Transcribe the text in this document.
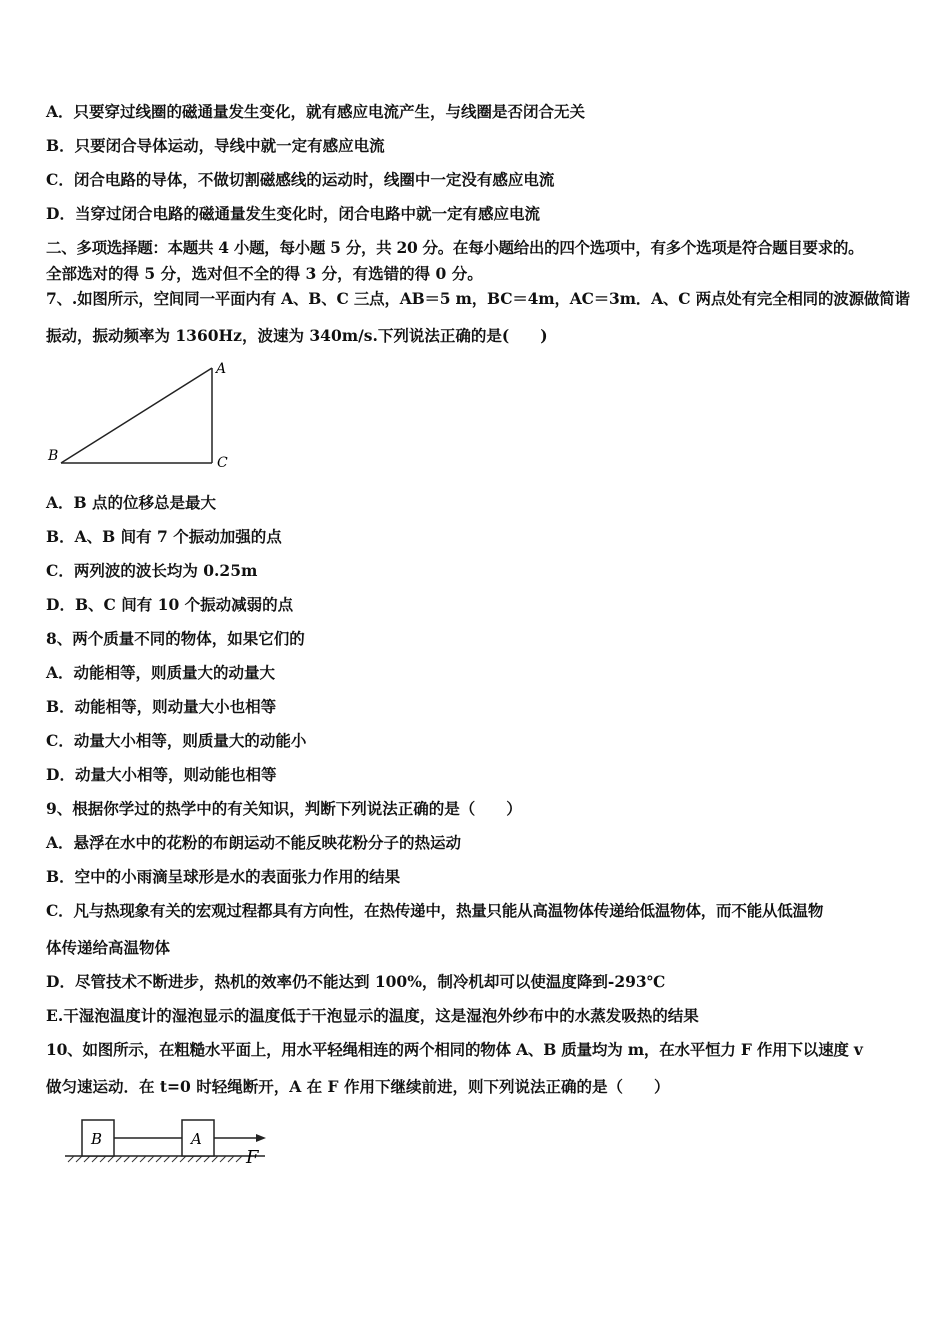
A．只要穿过线圈的磁通量发生变化，就有感应电流产生，与线圈是否闭合无关
B．只要闭合导体运动，导线中就一定有感应电流
C．闭合电路的导体，不做切割磁感线的运动时，线圈中一定没有感应电流
D．当穿过闭合电路的磁通量发生变化时，闭合电路中就一定有感应电流
二、多项选择题：本题共 4 小题，每小题 5 分，共 20 分。在每小题给出的四个选项中，有多个选项是符合题目要求的。
全部选对的得 5 分，选对但不全的得 3 分，有选错的得 0 分。
7、.如图所示，空间同一平面内有 A、B、C 三点，AB＝5 m，BC＝4m，AC＝3m．A、C 两点处有完全相同的波源做简谐
振动，振动频率为 1360Hz，波速为 340m/s.下列说法正确的是(　　)
A
B	C
A．B 点的位移总是最大
B．A、B 间有 7 个振动加强的点
C．两列波的波长均为 0.25m
D．B、C 间有 10 个振动减弱的点
8、两个质量不同的物体，如果它们的
A．动能相等，则质量大的动量大
B．动能相等，则动量大小也相等
C．动量大小相等，则质量大的动能小
D．动量大小相等，则动能也相等
9、根据你学过的热学中的有关知识，判断下列说法正确的是（　　）
A．悬浮在水中的花粉的布朗运动不能反映花粉分子的热运动
B．空中的小雨滴呈球形是水的表面张力作用的结果
C．凡与热现象有关的宏观过程都具有方向性，在热传递中，热量只能从高温物体传递给低温物体，而不能从低温物
体传递给高温物体
D．尽管技术不断进步，热机的效率仍不能达到 100%，制冷机却可以使温度降到-293℃
E.干湿泡温度计的湿泡显示的温度低于干泡显示的温度，这是湿泡外纱布中的水蒸发吸热的结果
10、如图所示，在粗糙水平面上，用水平轻绳相连的两个相同的物体 A、B 质量均为 m，在水平恒力 F 作用下以速度 v
做匀速运动．在 t=0 时轻绳断开，A 在 F 作用下继续前进，则下列说法正确的是（　　）
B	A
F
